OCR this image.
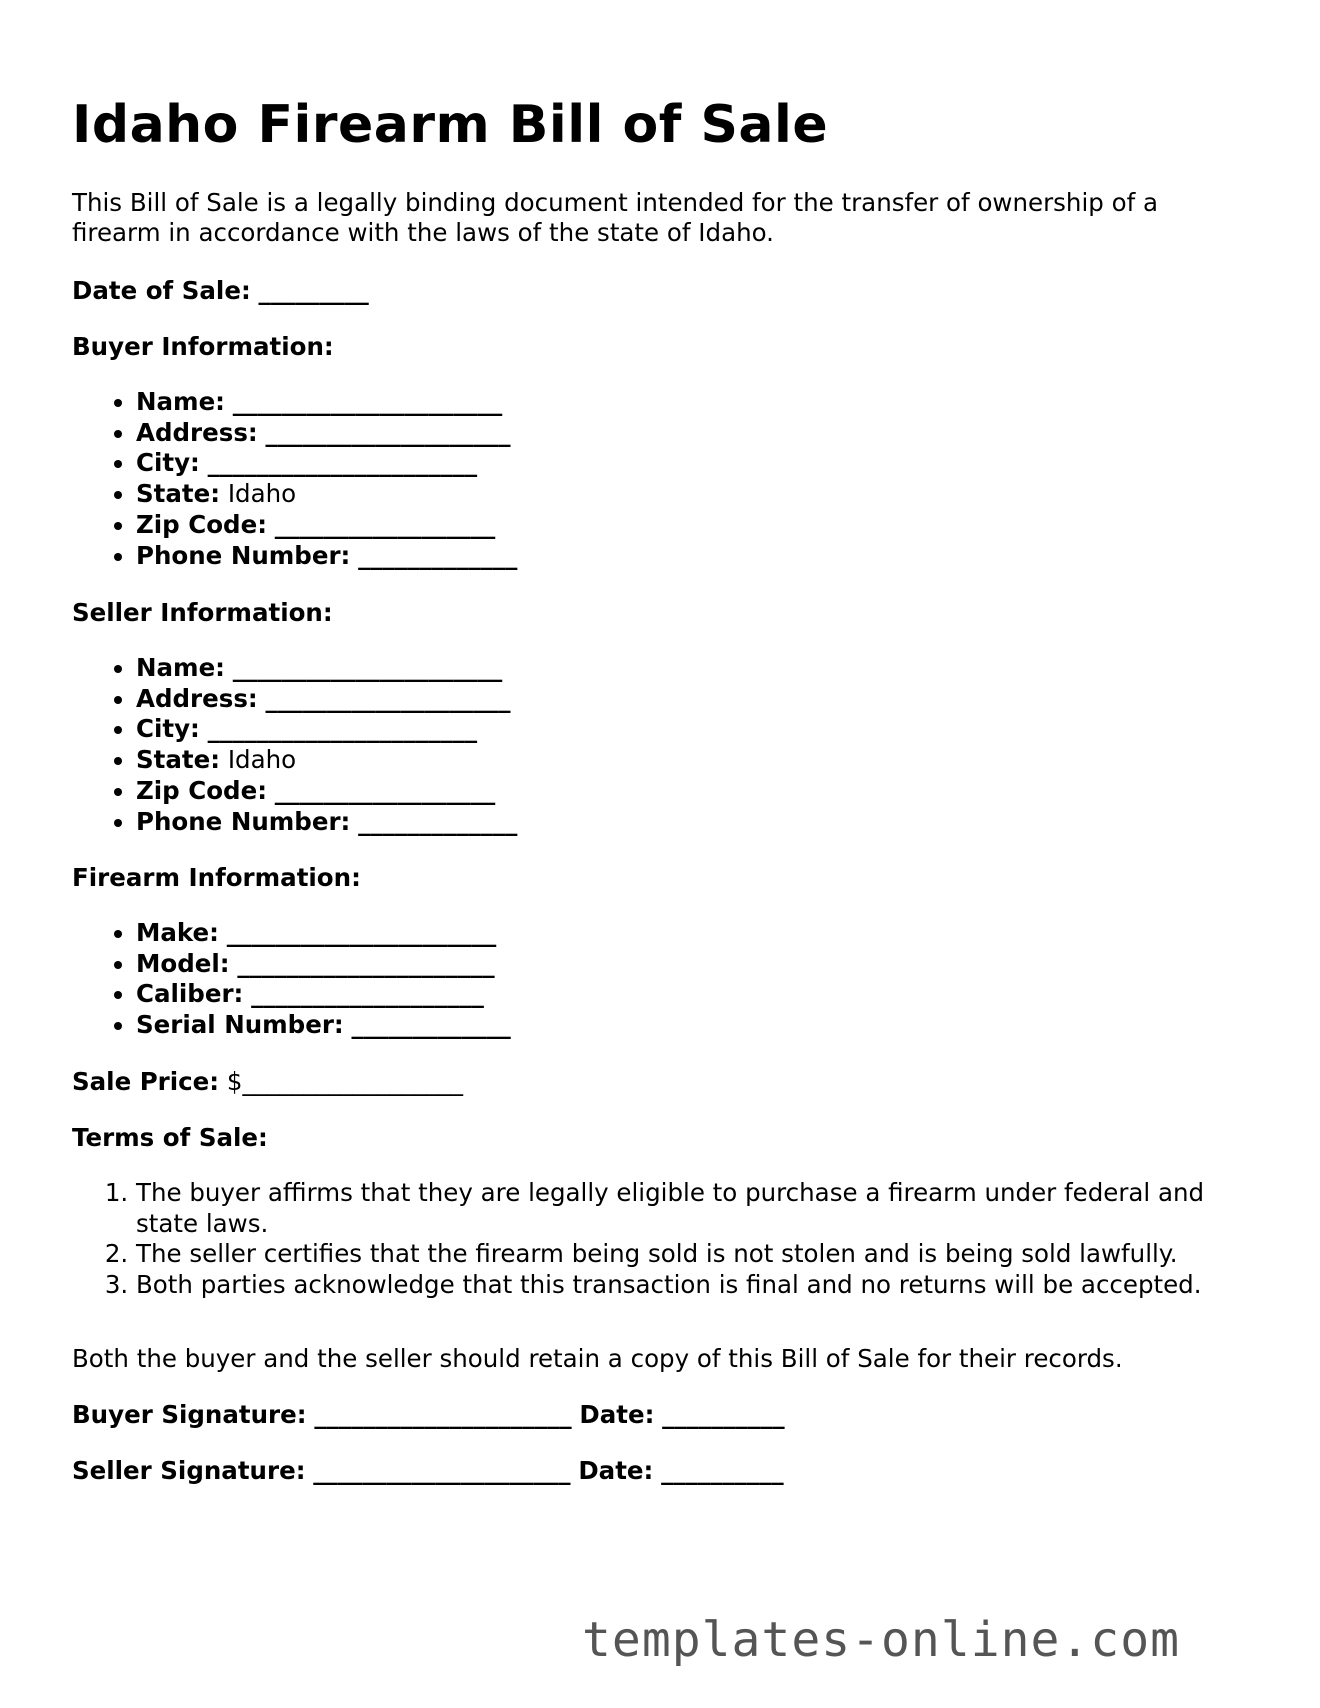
Idaho Firearm Bill of Sale

This Bill of Sale is a legally binding document intended for the transfer of ownership of a firearm in accordance with the laws of the state of Idaho.

Date of Sale: _________
Buyer Information:
• Name: ______________________
• Address: ____________________
• City: ______________________
• State: Idaho
• Zip Code: __________________
• Phone Number: _____________
Seller Information:
• Name: ______________________
• Address: ____________________
• City: ______________________
• State: Idaho
• Zip Code: __________________
• Phone Number: _____________
Firearm Information:
• Make: ______________________
• Model: _____________________
• Caliber: ___________________
• Serial Number: _____________
Sale Price: $__________________
Terms of Sale:
1. The buyer affirms that they are legally eligible to purchase a firearm under federal and state laws.
2. The seller certifies that the firearm being sold is not stolen and is being sold lawfully.
3. Both parties acknowledge that this transaction is final and no returns will be accepted.
Both the buyer and the seller should retain a copy of this Bill of Sale for their records.
Buyer Signature: _____________________ Date: __________
Seller Signature: _____________________ Date: __________
templates-online.com
